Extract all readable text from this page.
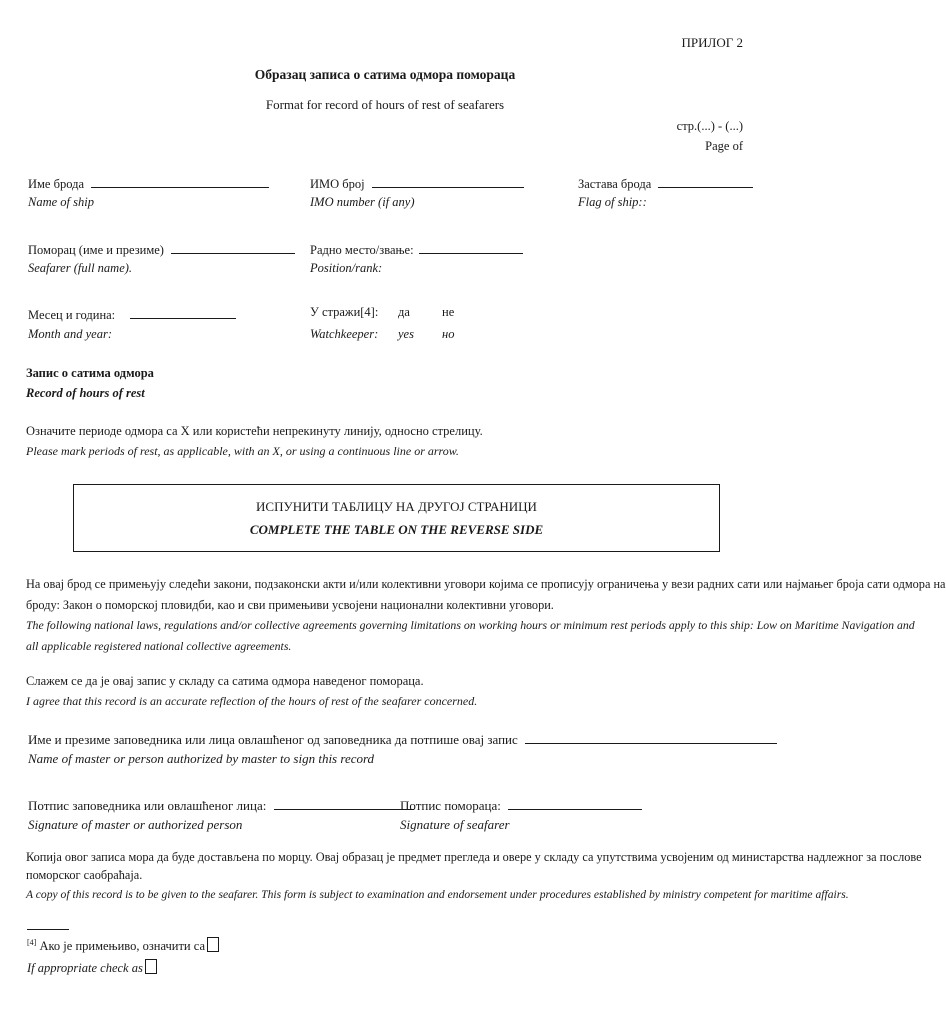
ПРИЛОГ 2
Образац записа о сатима одмора помораца
Format for record of hours of rest of seafarers
стр.(...) - (...)
Page of
Име брода
Name of ship
ИМО број
IMO number (if any)
Застава брода
Flag of ship::
Поморац (име и презиме)
Seafarer (full name).
Радно место/звање:
Position/rank:
Месец и година:
Month and year:
У стражи[4]:
Watchkeeper:
да
yes
не
но
Запис о сатима одмора
Record of hours of rest
Означите периоде одмора са X или користећи непрекинуту линију, односно стрелицу.
Please mark periods of rest, as applicable, with an X, or using a continuous line or arrow.
ИСПУНИТИ ТАБЛИЦУ НА ДРУГОЈ СТРАНИЦИ
COMPLETE THE TABLE ON THE REVERSE SIDE
На овај брод се примењују следећи закони, подзаконски акти и/или колективни уговори којима се прописују ограничења у вези радних сати или најмањег броја сати одмора на
броду: Закон о поморској пловидби, као и сви примењиви усвојени национални колективни уговори.
The following national laws, regulations and/or collective agreements governing limitations on working hours or minimum rest periods apply to this ship: Low on Maritime Navigation and
all applicable registered national collective agreements.
Слажем се да је овај запис у складу са сатима одмора наведеног помораца.
I agree that this record is an accurate reflection of the hours of rest of the seafarer concerned.
Име и презиме заповедника или лица овлашћеног од заповедника да потпише овај запис
Name of master or person authorized by master to sign this record
Потпис заповедника или овлашћеног лица:
Signature of master or authorized person
Потпис помораца:
Signature of seafarer
Копија овог записа мора да буде достављена по морцу. Овај образац је предмет прегледа и овере у складу са упутствима усвојеним од министарства надлежног за послове
поморског саобраћаја.
A copy of this record is to be given to the seafarer. This form is subject to examination and endorsement under procedures established by ministry competent for maritime affairs.
[4] Ако је примењиво, означити са
If appropriate check as
